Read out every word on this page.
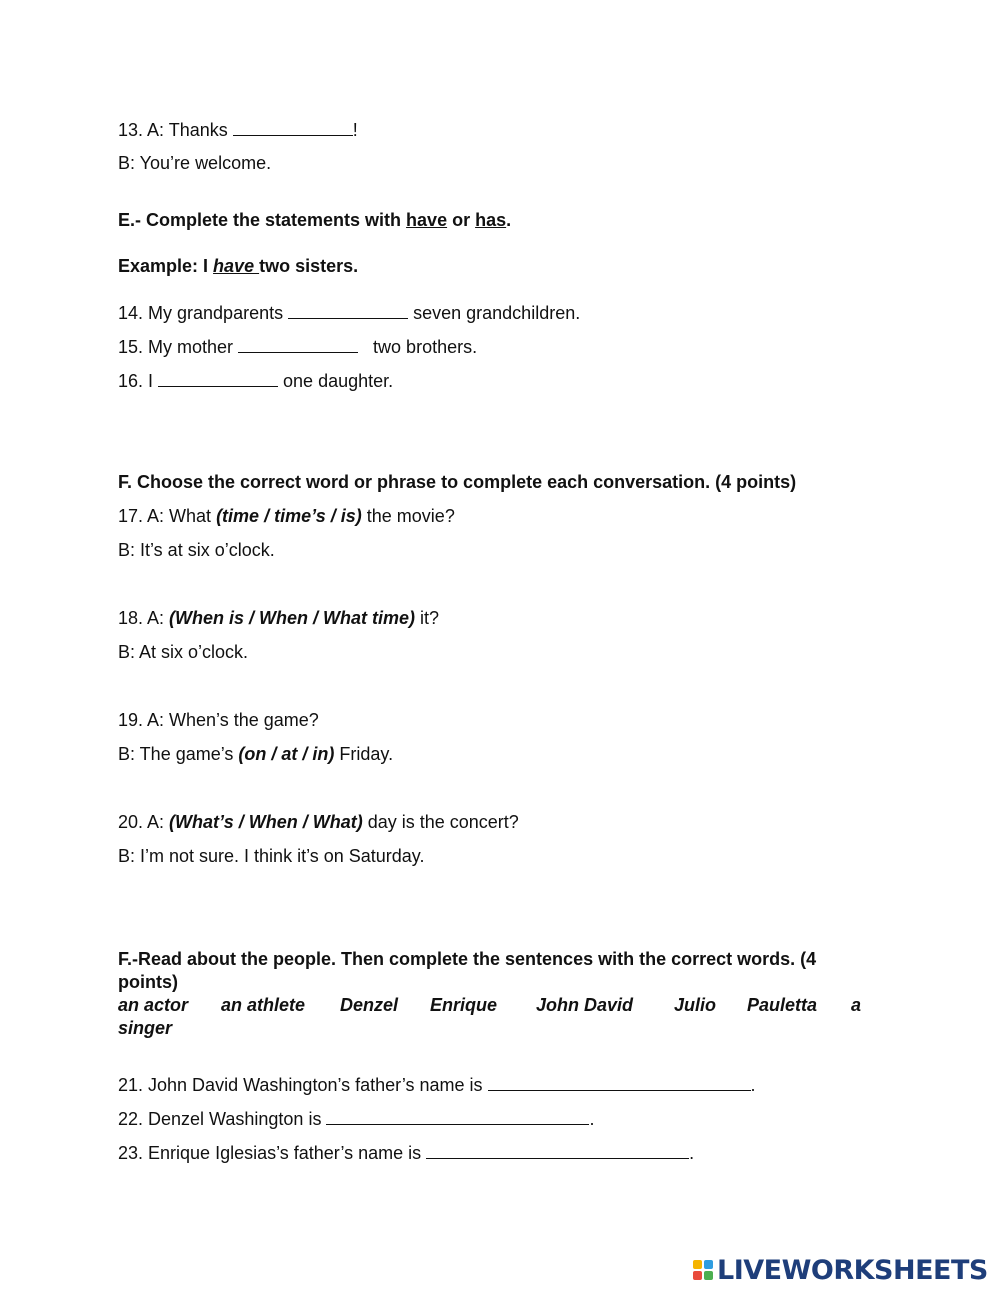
13. A: Thanks	!
B: You’re welcome.
E.- Complete the statements with have or has.
Example: I have two sisters.
14. My grandparents	seven grandchildren.
15. My mother	two brothers.
16. I	one daughter.
F. Choose the correct word or phrase to complete each conversation. (4 points)
17. A: What (time / time’s / is) the movie?
B: It’s at six o’clock.
18. A: (When is / When / What time) it?
B: At six o’clock.
19. A: When’s the game?
B: The game’s (on / at / in) Friday.
20. A: (What’s / When / What) day is the concert?
B: I’m not sure. I think it’s on Saturday.
F.-Read about the people. Then complete the sentences with the correct words. (4
points)
an actor an athlete Denzel Enrique John David Julio Pauletta a
singer
21. John David Washington’s father’s name is	.
22. Denzel Washington is	.
23. Enrique Iglesias’s father’s name is	.
LIVEWORKSHEETS
